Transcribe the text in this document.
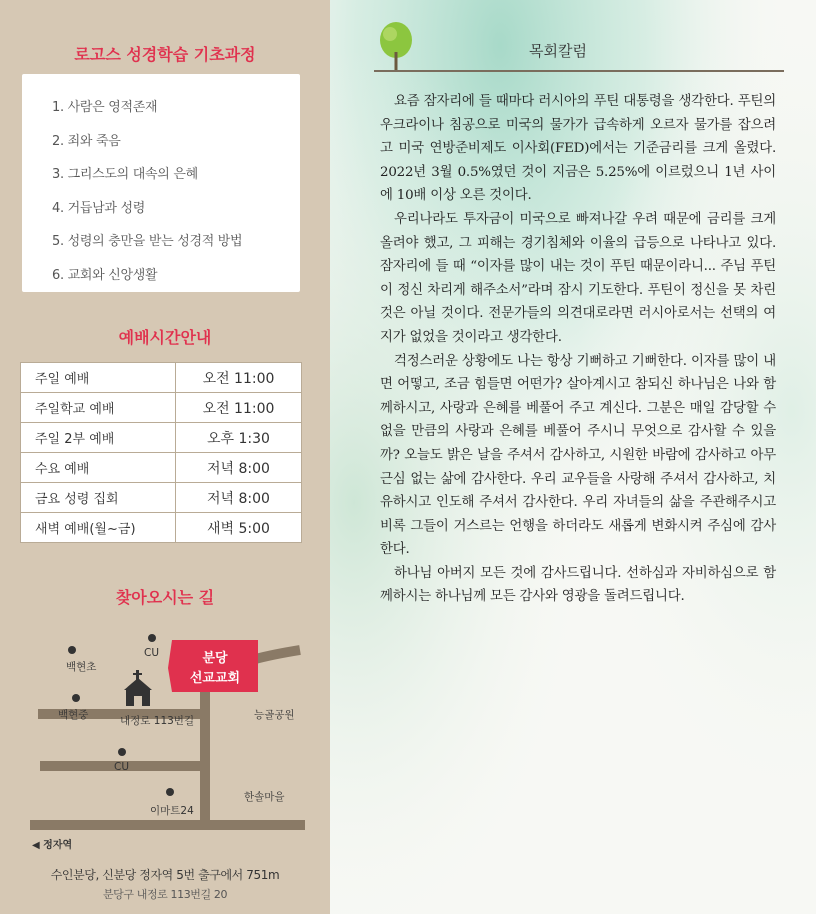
로고스 성경학습 기초과정
1. 사람은 영적존재
2. 죄와 죽음
3. 그리스도의 대속의 은혜
4. 거듭남과 성령
5. 성령의 충만을 받는 성경적 방법
6. 교회와 신앙생활
예배시간안내
주일 예배	오전 11:00
주일학교 예배	오전 11:00
주일 2부 예배	오후 1:30
수요 예배	저녁 8:00
금요 성령 집회	저녁 8:00
새벽 예배(월~금)	새벽 5:00
찾아오시는 길
분당
선교교회
CU
백현초
백현중	내정로 113번길	능골공원
CU
이마트24
한솔마을
◀ 정자역
수인분당, 신분당 정자역 5번 출구에서 751m
분당구 내정로 113번길 20
목회칼럼

요즘 잠자리에 들 때마다 러시아의 푸틴 대통령을 생각한다. 푸틴의 우크라이나 침공으로 미국의 물가가 급속하게 오르자 물가를 잡으려고 미국 연방준비제도 이사회(FED)에서는 기준금리를 크게 올렸다. 2022년 3월 0.5%였던 것이 지금은 5.25%에 이르렀으니 1년 사이에 10배 이상 오른 것이다.

우리나라도 투자금이 미국으로 빠져나갈 우려 때문에 금리를 크게 올려야 했고, 그 피해는 경기침체와 이율의 급등으로 나타나고 있다. 잠자리에 들 때 “이자를 많이 내는 것이 푸틴 때문이라니... 주님 푸틴이 정신 차리게 해주소서”라며 잠시 기도한다. 푸틴이 정신을 못 차린 것은 아닐 것이다. 전문가들의 의견대로라면 러시아로서는 선택의 여지가 없었을 것이라고 생각한다.

걱정스러운 상황에도 나는 항상 기뻐하고 기뻐한다. 이자를 많이 내면 어떻고, 조금 힘들면 어떤가? 살아계시고 참되신 하나님은 나와 함께하시고, 사랑과 은혜를 베풀어 주고 계신다. 그분은 매일 감당할 수 없을 만큼의 사랑과 은혜를 베풀어 주시니 무엇으로 감사할 수 있을까? 오늘도 밝은 날을 주셔서 감사하고, 시원한 바람에 감사하고 아무 근심 없는 삶에 감사한다. 우리 교우들을 사랑해 주셔서 감사하고, 치유하시고 인도해 주셔서 감사한다. 우리 자녀들의 삶을 주관해주시고 비록 그들이 거스르는 언행을 하더라도 새롭게 변화시켜 주심에 감사한다.

하나님 아버지 모든 것에 감사드립니다. 선하심과 자비하심으로 함께하시는 하나님께 모든 감사와 영광을 돌려드립니다.
